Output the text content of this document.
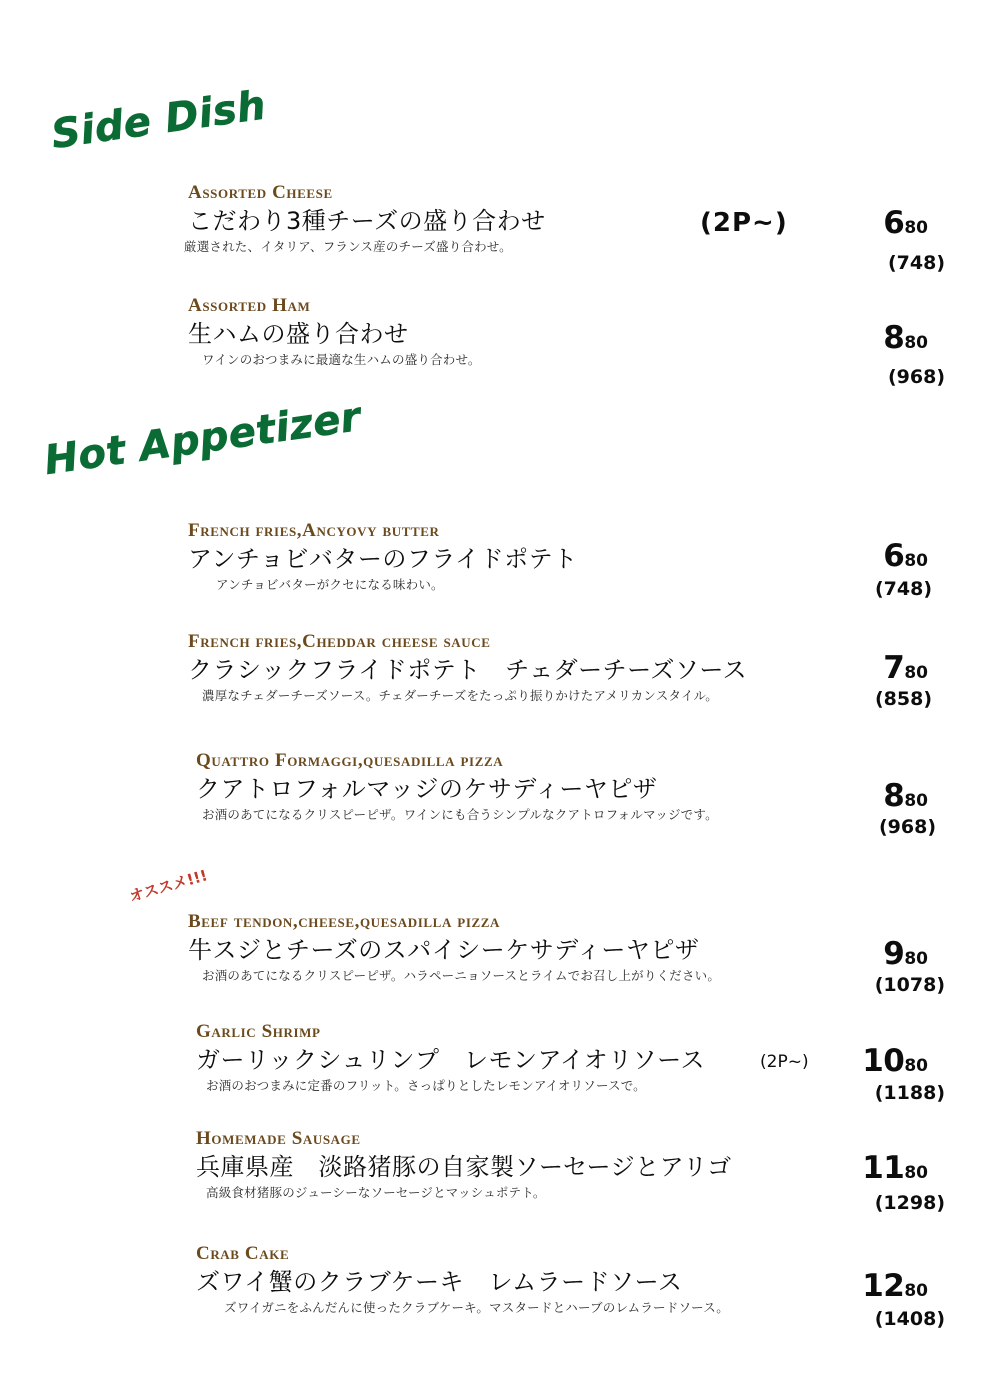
Side Dish

Assorted Cheese

こだわり3種チーズの盛り合わせ

厳選された、イタリア、フランス産のチーズ盛り合わせ。

(2P~)	680
(748)

Assorted Ham

生ハムの盛り合わせ

ワインのおつまみに最適な生ハムの盛り合わせ。

880
(968)
Hot Appetizer

French fries,Ancyovy butter

アンチョビバターのフライドポテト

アンチョビバターがクセになる味わい。

680
(748)

French fries,Cheddar cheese sauce

クラシックフライドポテト　チェダーチーズソース

濃厚なチェダーチーズソース。チェダーチーズをたっぷり振りかけたアメリカンスタイル。

780
(858)

Quattro Formaggi,quesadilla pizza

クアトロフォルマッジのケサディーヤピザ

お酒のあてになるクリスピーピザ。ワインにも合うシンプルなクアトロフォルマッジです。

880
(968)
オススメ!!!

Beef tendon,cheese,quesadilla pizza

牛スジとチーズのスパイシーケサディーヤピザ

お酒のあてになるクリスピーピザ。ハラペーニョソースとライムでお召し上がりください。

980
(1078)

Garlic Shrimp

ガーリックシュリンプ　レモンアイオリソース

お酒のおつまみに定番のフリット。さっぱりとしたレモンアイオリソースで。

(2P~) 1080
(1188)

Homemade Sausage

兵庫県産　淡路猪豚の自家製ソーセージとアリゴ

高級食材猪豚のジューシーなソーセージとマッシュポテト。

1180
(1298)

Crab Cake

ズワイ蟹のクラブケーキ　レムラードソース

ズワイガニをふんだんに使ったクラブケーキ。マスタードとハーブのレムラードソース。

1280
(1408)
